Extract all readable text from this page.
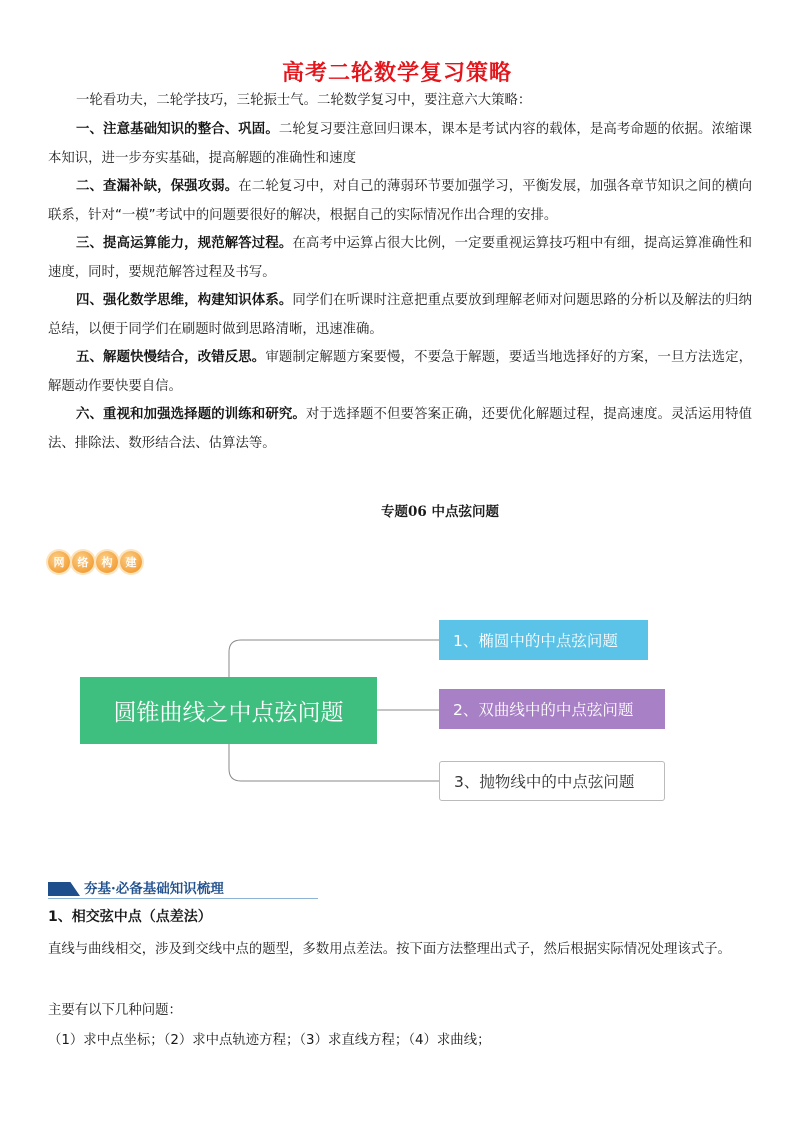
高考二轮数学复习策略
一轮看功夫，二轮学技巧，三轮振士气。二轮数学复习中，要注意六大策略：
一、注意基础知识的整合、巩固。二轮复习要注意回归课本，课本是考试内容的载体，是高考命题的依据。浓缩课本知识，进一步夯实基础，提高解题的准确性和速度
二、查漏补缺，保强攻弱。在二轮复习中，对自己的薄弱环节要加强学习，平衡发展，加强各章节知识之间的横向联系，针对“一模”考试中的问题要很好的解决，根据自己的实际情况作出合理的安排。
三、提高运算能力，规范解答过程。在高考中运算占很大比例，一定要重视运算技巧粗中有细，提高运算准确性和速度，同时，要规范解答过程及书写。
四、强化数学思维，构建知识体系。同学们在听课时注意把重点要放到理解老师对问题思路的分析以及解法的归纳总结，以便于同学们在刷题时做到思路清晰，迅速准确。
五、解题快慢结合，改错反思。审题制定解题方案要慢，不要急于解题，要适当地选择好的方案，一旦方法选定，解题动作要快要自信。
六、重视和加强选择题的训练和研究。对于选择题不但要答案正确，还要优化解题过程，提高速度。灵活运用特值法、排除法、数形结合法、估算法等。
专题06 中点弦问题
网	络	构	建
圆锥曲线之中点弦问题
1、椭圆中的中点弦问题
2、双曲线中的中点弦问题
3、抛物线中的中点弦问题
夯基·必备基础知识梳理
1、相交弦中点（点差法）
直线与曲线相交，涉及到交线中点的题型，多数用点差法。按下面方法整理出式子，然后根据实际情况处理该式子。
主要有以下几种问题：
（1）求中点坐标；（2）求中点轨迹方程；（3）求直线方程；（4）求曲线；
